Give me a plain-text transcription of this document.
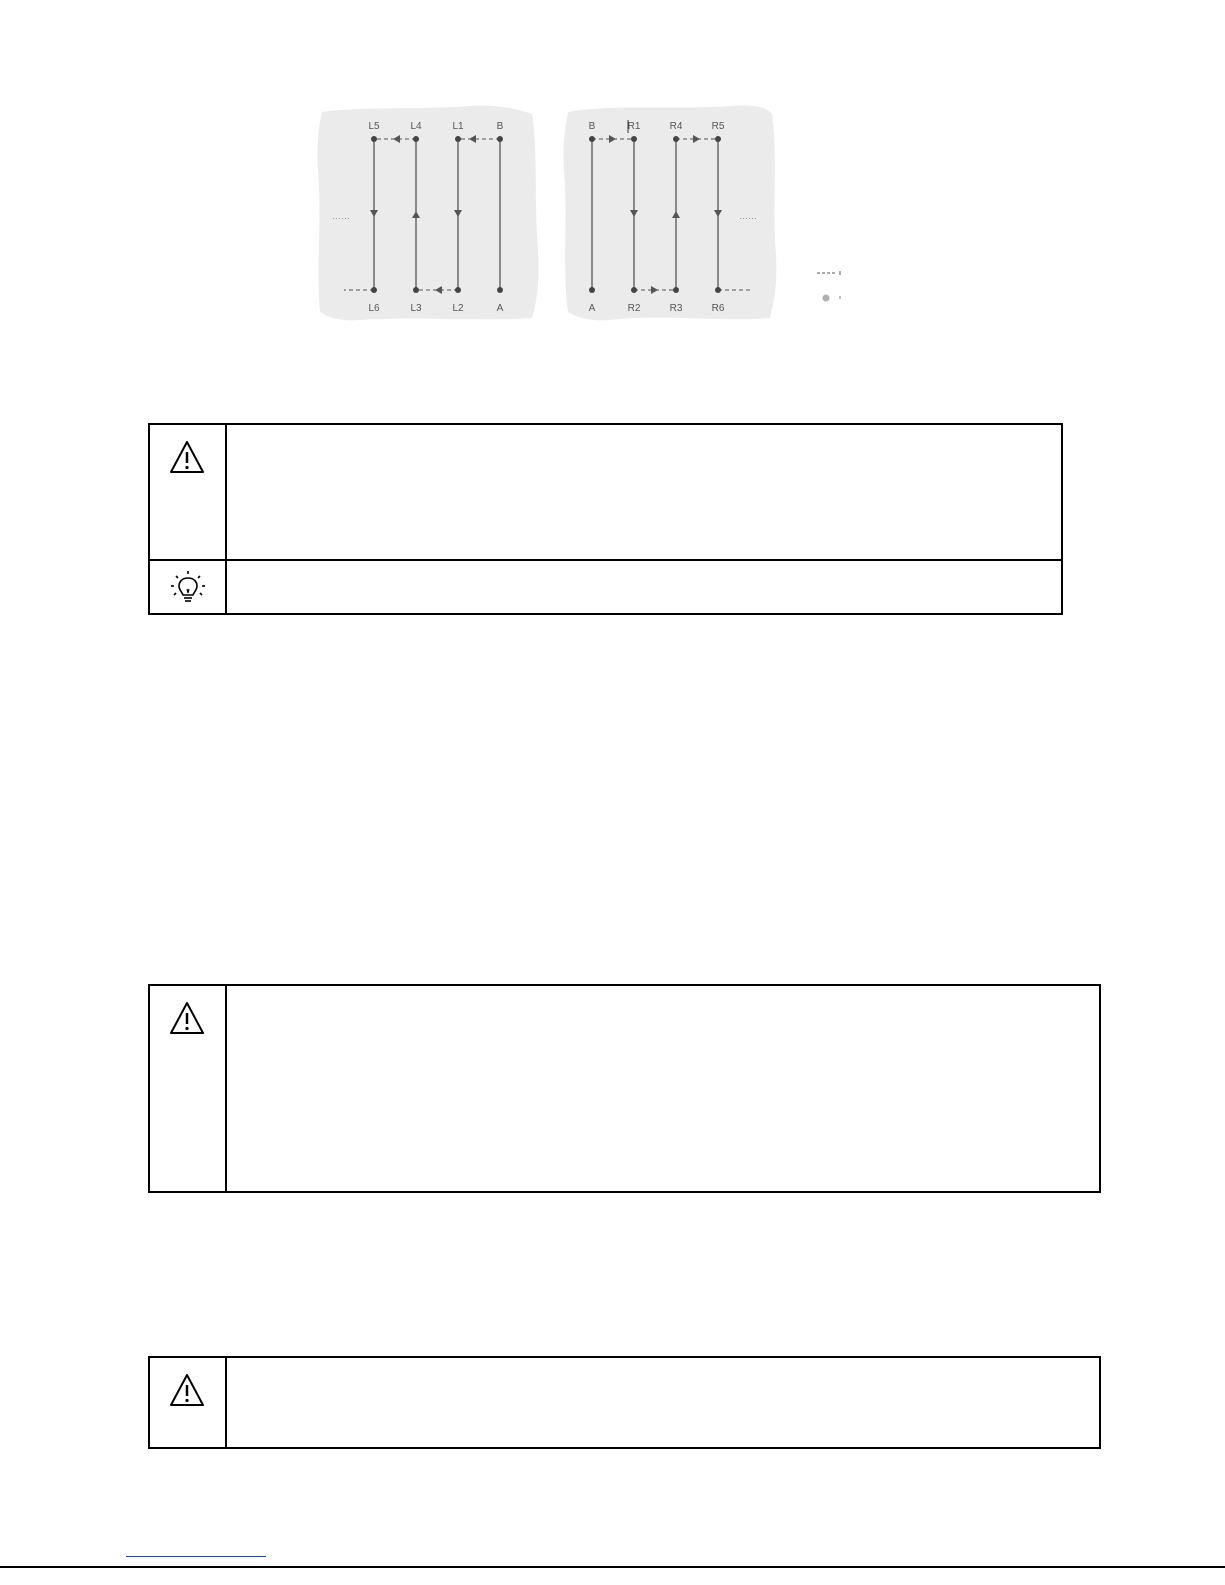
L5	L4	L1	B
L6	L3	L2	A
……
B	R1	R4	R5
A	R2	R3	R6
……
